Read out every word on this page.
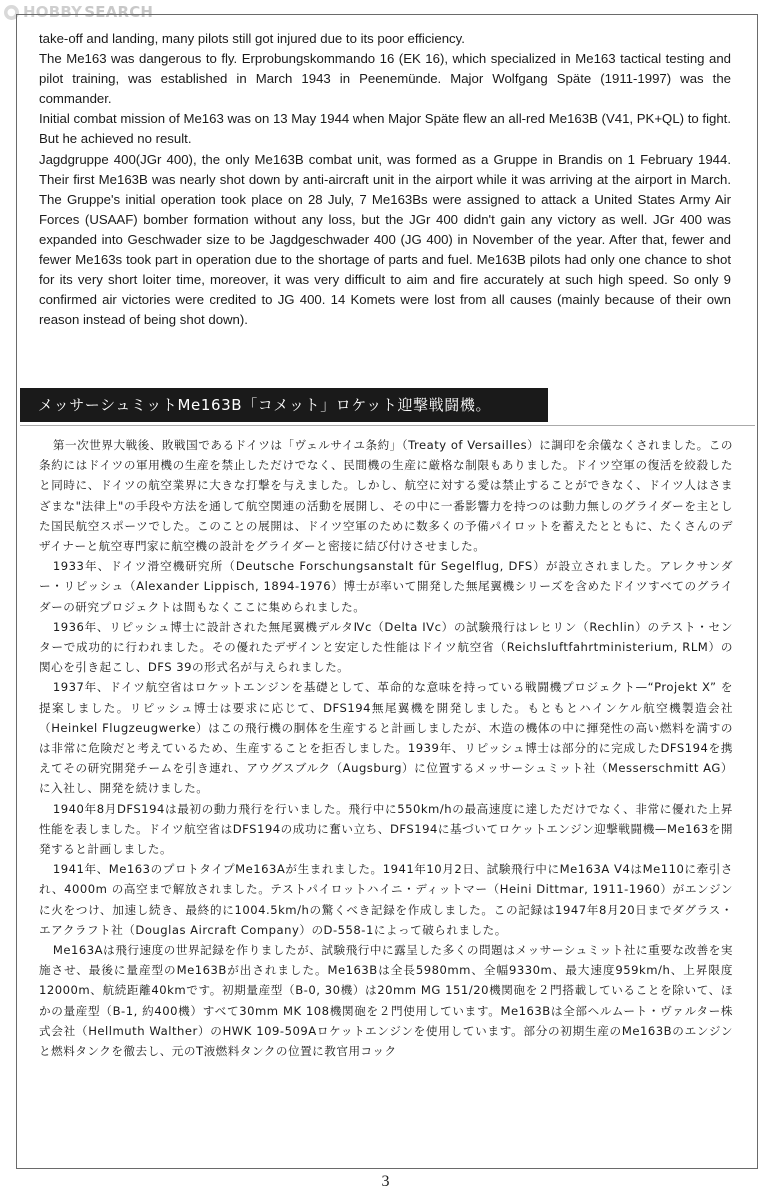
● HOBBY SEARCH

take-off and landing, many pilots still got injured due to its poor efficiency.

The Me163 was dangerous to fly. Erprobungskommando 16 (EK 16), which specialized in Me163 tactical testing and pilot training, was established in March 1943 in Peenemünde. Major Wolfgang Späte (1911-1997) was the commander.

Initial combat mission of Me163 was on 13 May 1944 when Major Späte flew an all-red Me163B (V41, PK+QL) to fight. But he achieved no result.

Jagdgruppe 400(JGr 400), the only Me163B combat unit, was formed as a Gruppe in Brandis on 1 February 1944. Their first Me163B was nearly shot down by anti-aircraft unit in the airport while it was arriving at the airport in March. The Gruppe's initial operation took place on 28 July, 7 Me163Bs were assigned to attack a United States Army Air Forces (USAAF) bomber formation without any loss, but the JGr 400 didn't gain any victory as well. JGr 400 was expanded into Geschwader size to be Jagdgeschwader 400 (JG 400) in November of the year. After that, fewer and fewer Me163s took part in operation due to the shortage of parts and fuel. Me163B pilots had only one chance to shot for its very short loiter time, moreover, it was very difficult to aim and fire accurately at such high speed. So only 9 confirmed air victories were credited to JG 400. 14 Komets were lost from all causes (mainly because of their own reason instead of being shot down).

メッサーシュミットMe163B「コメット」ロケット迎撃戦闘機。

第一次世界大戦後、敗戦国であるドイツは「ヴェルサイユ条約」（Treaty of Versailles）に調印を余儀なくされました。この条約にはドイツの軍用機の生産を禁止しただけでなく、民間機の生産に厳格な制限もありました。ドイツ空軍の復活を絞殺したと同時に、ドイツの航空業界に大きな打撃を与えました。しかし、航空に対する愛は禁止することができなく、ドイツ人はさまざまな"法律上"の手段や方法を通して航空関連の活動を展開し、その中に一番影響力を持つのは動力無しのグライダーを主とした国民航空スポーツでした。このことの展開は、ドイツ空軍のために数多くの予備パイロットを蓄えたとともに、たくさんのデザイナーと航空専門家に航空機の設計をグライダーと密接に結び付けさせました。

1933年、ドイツ滑空機研究所（Deutsche Forschungsanstalt für Segelflug, DFS）が設立されました。アレクサンダー・リピッシュ（Alexander Lippisch, 1894-1976）博士が率いて開発した無尾翼機シリーズを含めたドイツすべてのグライダーの研究プロジェクトは間もなくここに集められました。

1936年、リピッシュ博士に設計された無尾翼機デルタⅣc（Delta IVc）の試験飛行はレヒリン（Rechlin）のテスト・センターで成功的に行われました。その優れたデザインと安定した性能はドイツ航空省（Reichsluftfahrtministerium, RLM）の関心を引き起こし、DFS 39の形式名が与えられました。

1937年、ドイツ航空省はロケットエンジンを基礎として、革命的な意味を持っている戦闘機プロジェクト—“Projekt X” を提案しました。リピッシュ博士は要求に応じて、DFS194無尾翼機を開発しました。もともとハインケル航空機製造会社（Heinkel Flugzeugwerke）はこの飛行機の胴体を生産すると計画しましたが、木造の機体の中に揮発性の高い燃料を満すのは非常に危険だと考えているため、生産することを拒否しました。1939年、リピッシュ博士は部分的に完成したDFS194を携えてその研究開発チームを引き連れ、アウグスブルク（Augsburg）に位置するメッサーシュミット社（Messerschmitt AG）に入社し、開発を続けました。

1940年8月DFS194は最初の動力飛行を行いました。飛行中に550km/hの最高速度に達しただけでなく、非常に優れた上昇性能を表しました。ドイツ航空省はDFS194の成功に奮い立ち、DFS194に基づいてロケットエンジン迎撃戦闘機—Me163を開発すると計画しました。

1941年、Me163のプロトタイプMe163Aが生まれました。1941年10月2日、試験飛行中にMe163A V4はMe110に牽引され、4000m の高空まで解放されました。テストパイロットハイニ・ディットマー（Heini Dittmar, 1911-1960）がエンジンに火をつけ、加速し続き、最終的に1004.5km/hの驚くべき記録を作成しました。この記録は1947年8月20日までダグラス・エアクラフト社（Douglas Aircraft Company）のD-558-1によって破られました。

Me163Aは飛行速度の世界記録を作りましたが、試験飛行中に露呈した多くの問題はメッサーシュミット社に重要な改善を実施させ、最後に量産型のMe163Bが出されました。Me163Bは全長5980mm、全幅9330m、最大速度959km/h、上昇限度12000m、航続距離40kmです。初期量産型（B-0, 30機）は20mm MG 151/20機関砲を２門搭載していることを除いて、ほかの量産型（B-1, 約400機）すべて30mm MK 108機関砲を２門使用しています。Me163Bは全部ヘルムート・ヴァルター株式会社（Hellmuth Walther）のHWK 109-509Aロケットエンジンを使用しています。部分の初期生産のMe163Bのエンジンと燃料タンクを徹去し、元のT液燃料タンクの位置に教官用コック

3
